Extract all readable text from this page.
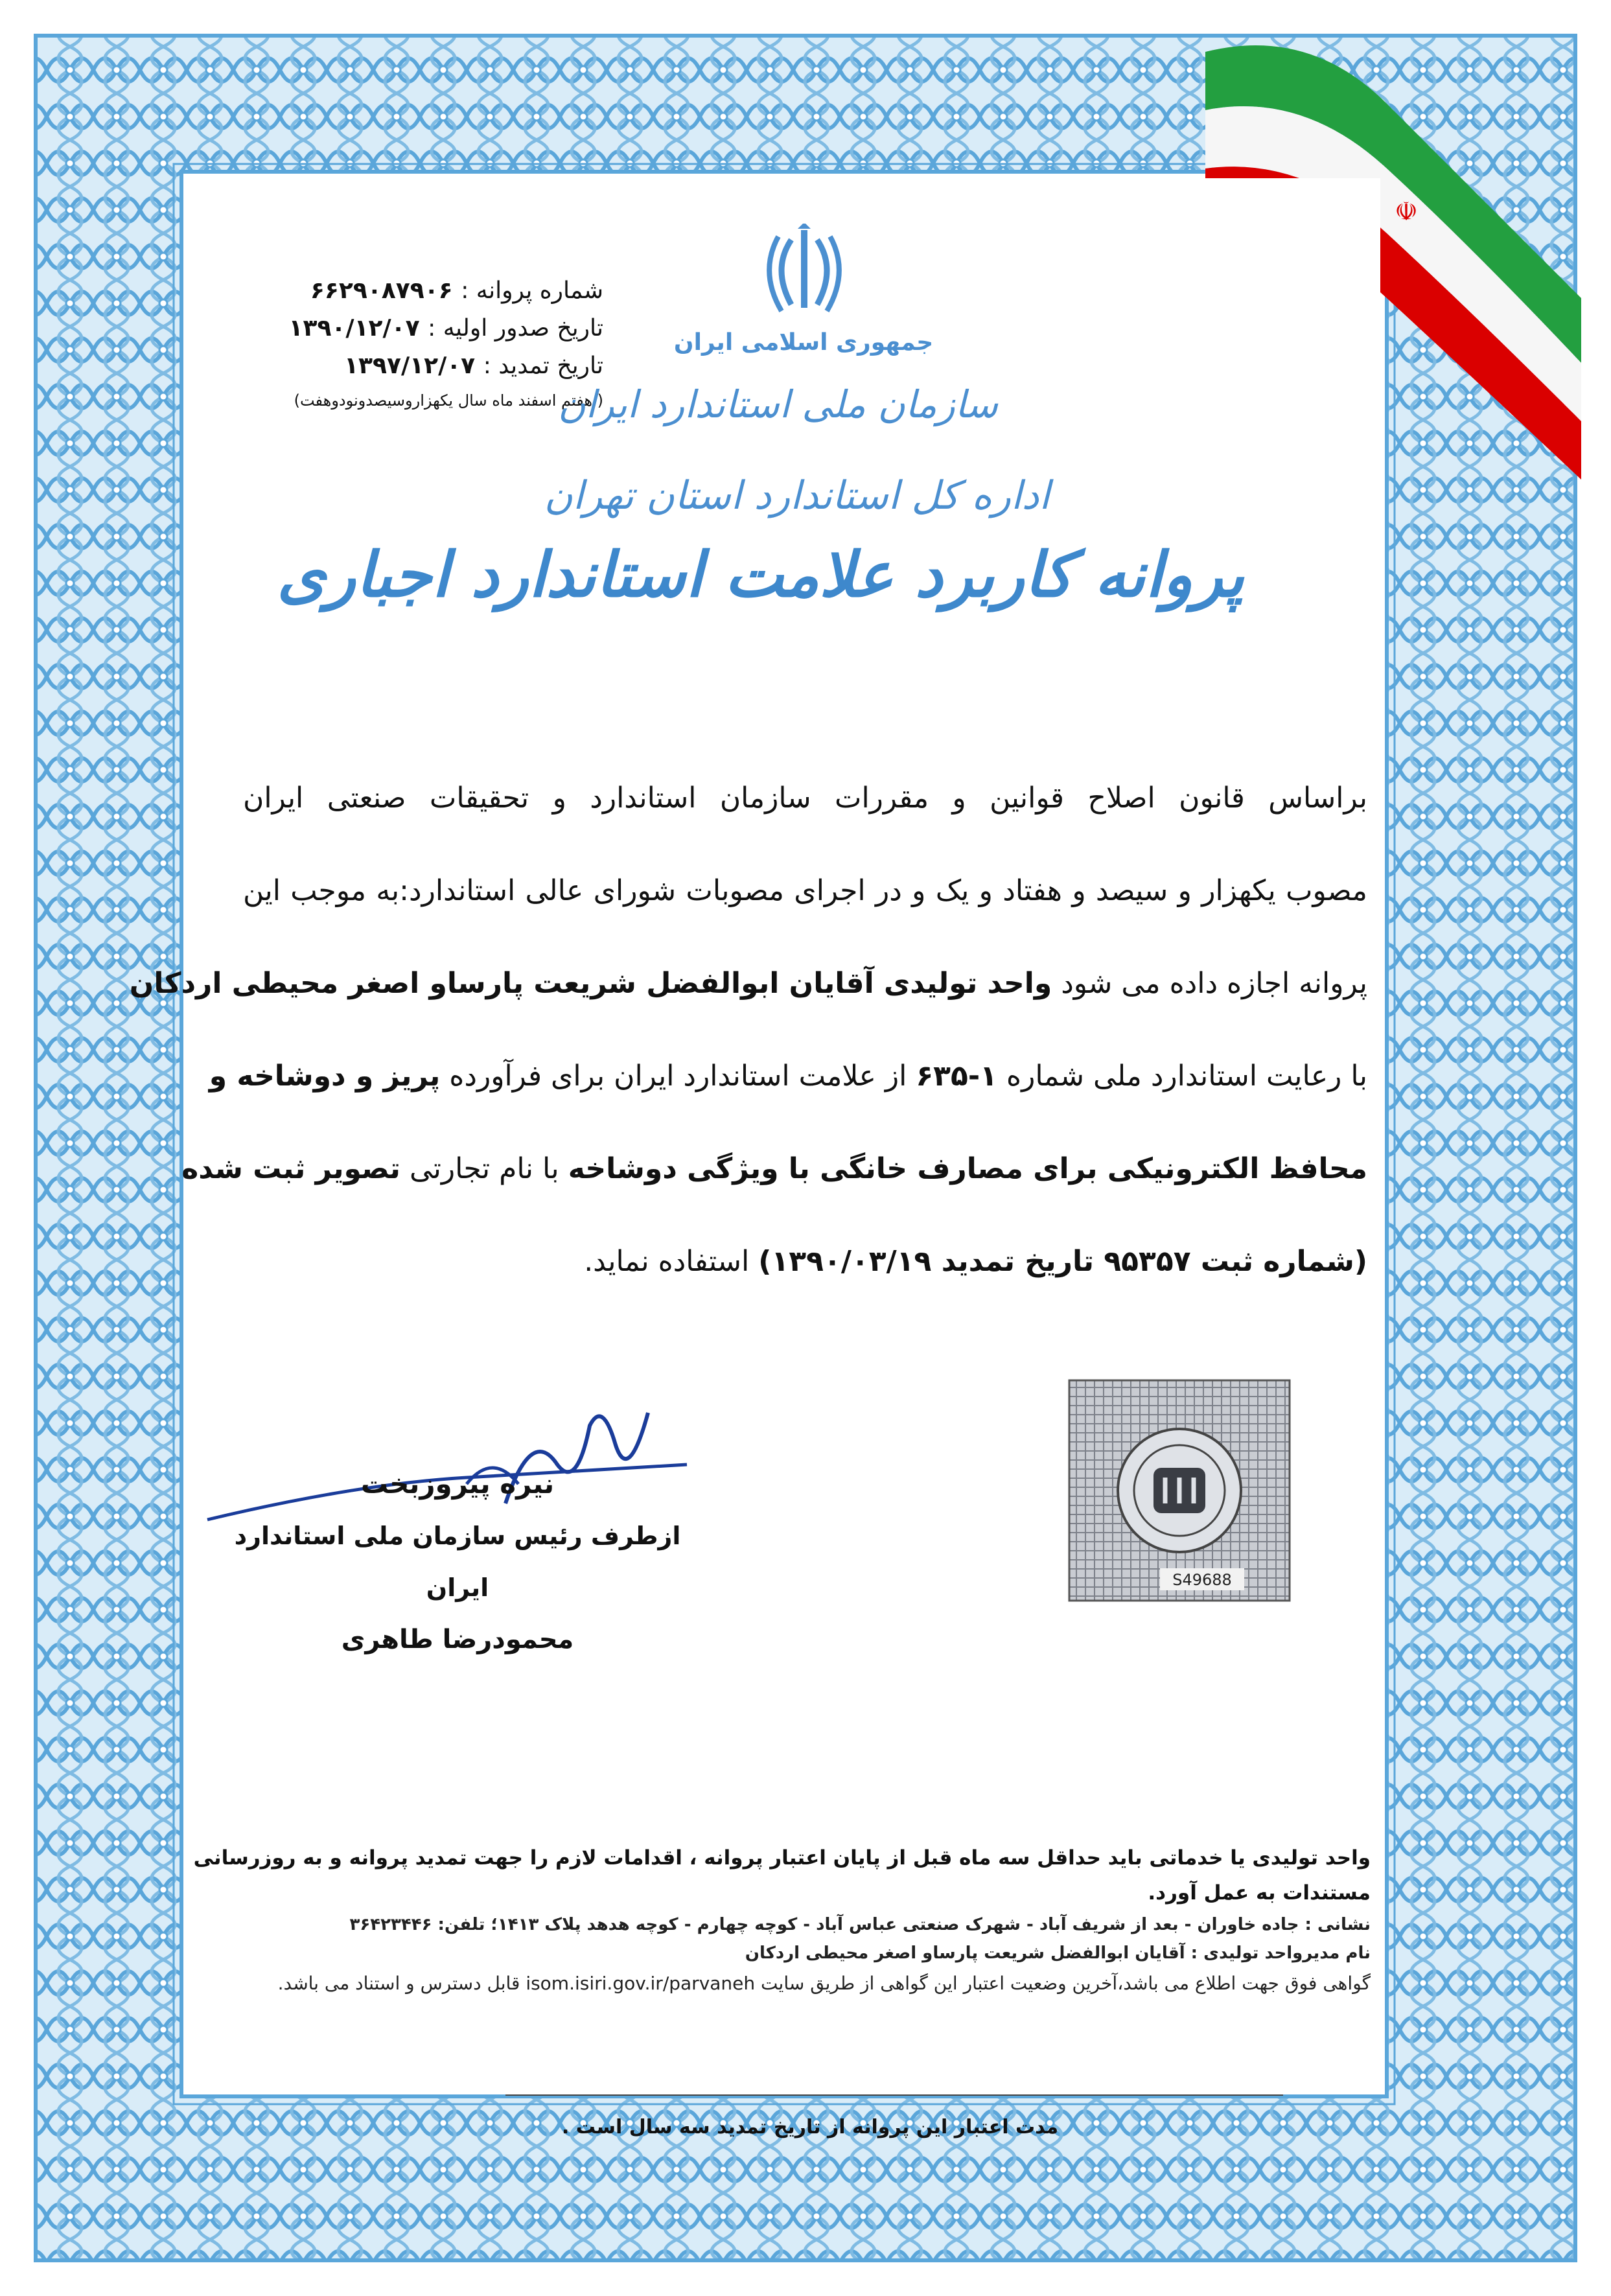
☫
شماره پروانه : ۶۶۲۹۰۸۷۹۰۶
تاریخ صدور اولیه : ۱۳۹۰/۱۲/۰۷
تاریخ تمدید : ۱۳۹۷/۱۲/۰۷
( هفتم اسفند ماه سال یکهزاروسیصدونودوهفت)
جمهوری اسلامی ایران
سازمان ملی استاندارد ایران
اداره کل استاندارد استان تهران
پروانه کاربرد علامت استاندارد اجباری

براساس قانون اصلاح قوانین و مقررات سازمان استاندارد و تحقیقات صنعتی ایران

مصوب یکهزار و سیصد و هفتاد و یک و در اجرای مصوبات شورای عالی استاندارد:به موجب این

پروانه اجازه داده می شود واحد تولیدی آقایان ابوالفضل شریعت پارساو اصغر محیطی اردکان

با رعایت استاندارد ملی شماره ۱-۶۳۵ از علامت استاندارد ایران برای فرآورده پریز و دوشاخه و

محافظ الکترونیکی برای مصارف خانگی با ویژگی دوشاخه با نام تجارتی تصویر ثبت شده

(شماره ثبت ۹۵۳۵۷ تاریخ تمدید ۱۳۹۰/۰۳/۱۹) استفاده نماید.

S49688
نیره پیروزبخت
ازطرف رئیس سازمان ملی استاندارد ایران
محمودرضا طاهری

واحد تولیدی یا خدماتی باید حداقل سه ماه قبل از پایان اعتبار پروانه ، اقدامات لازم را جهت تمدید پروانه و به روزرسانی

مستندات به عمل آورد.

نشانی : جاده خاوران - بعد از شریف آباد - شهرک صنعتی عباس آباد - کوچه چهارم - کوچه هدهد پلاک ۱۴۱۳؛ تلفن: ۳۶۴۲۳۴۴۶

نام مدیرواحد تولیدی : آقایان ابوالفضل شریعت پارساو اصغر محیطی اردکان

گواهی فوق جهت اطلاع می باشد،آخرین وضعیت اعتبار این گواهی از طریق سایت isom.isiri.gov.ir/parvaneh قابل دسترس و استناد می باشد.

مدت اعتبار این پروانه از تاریخ تمدید سه سال است .
